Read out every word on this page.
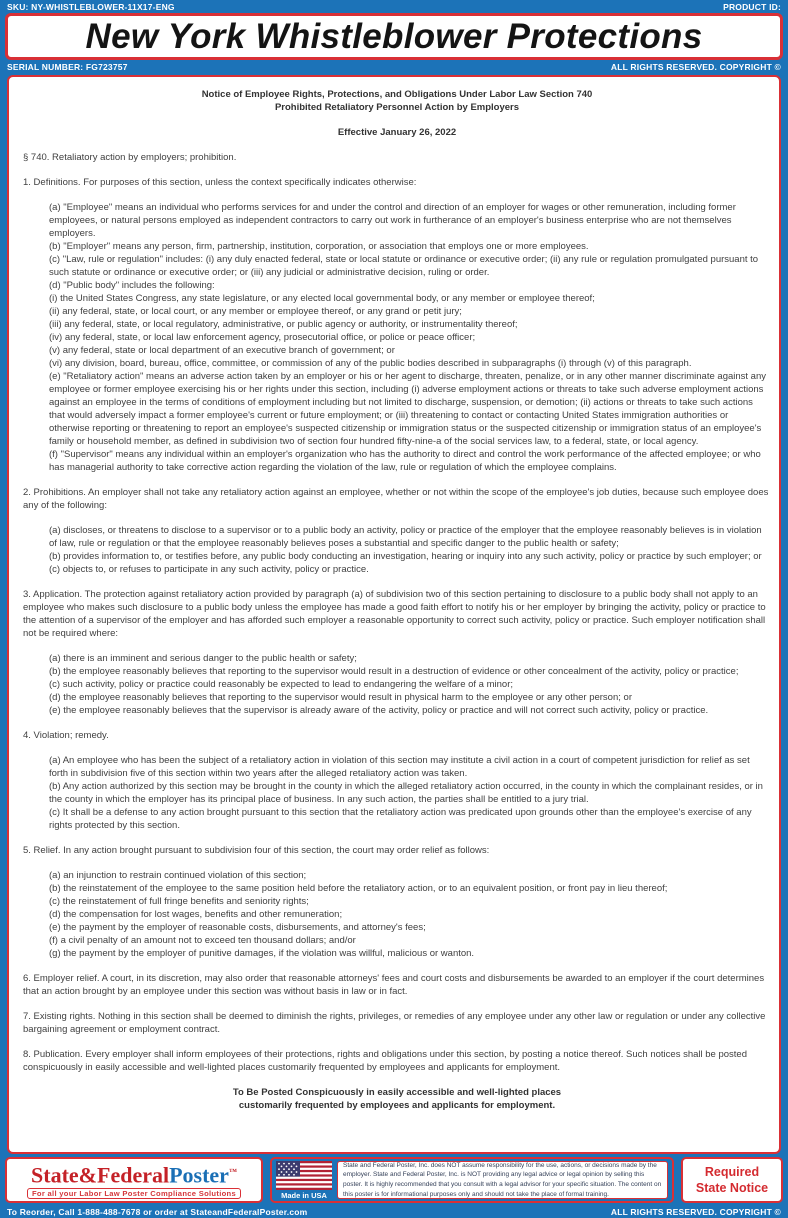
SKU: NY-WHISTLEBLOWER-11X17-ENG	PRODUCT ID:
New York Whistleblower Protections
SERIAL NUMBER: FG723757	ALL RIGHTS RESERVED. COPYRIGHT ©
Notice of Employee Rights, Protections, and Obligations Under Labor Law Section 740
Prohibited Retaliatory Personnel Action by Employers
Effective January 26, 2022
§ 740. Retaliatory action by employers; prohibition.
1. Definitions. For purposes of this section, unless the context specifically indicates otherwise:
(a) "Employee" means an individual who performs services for and under the control and direction of an employer for wages or other remuneration, including former employees, or natural persons employed as independent contractors to carry out work in furtherance of an employer's business enterprise who are not themselves employers.
(b) "Employer" means any person, firm, partnership, institution, corporation, or association that employs one or more employees.
(c) "Law, rule or regulation" includes: (i) any duly enacted federal, state or local statute or ordinance or executive order; (ii) any rule or regulation promulgated pursuant to such statute or ordinance or executive order; or (iii) any judicial or administrative decision, ruling or order.
(d) "Public body" includes the following:
(i) the United States Congress, any state legislature, or any elected local governmental body, or any member or employee thereof;
(ii) any federal, state, or local court, or any member or employee thereof, or any grand or petit jury;
(iii) any federal, state, or local regulatory, administrative, or public agency or authority, or instrumentality thereof;
(iv) any federal, state, or local law enforcement agency, prosecutorial office, or police or peace officer;
(v) any federal, state or local department of an executive branch of government; or
(vi) any division, board, bureau, office, committee, or commission of any of the public bodies described in subparagraphs (i) through (v) of this paragraph.
(e) "Retaliatory action" means an adverse action taken by an employer or his or her agent to discharge, threaten, penalize, or in any other manner discriminate against any employee or former employee exercising his or her rights under this section, including (i) adverse employment actions or threats to take such adverse employment actions against an employee in the terms of conditions of employment including but not limited to discharge, suspension, or demotion; (ii) actions or threats to take such actions that would adversely impact a former employee's current or future employment; or (iii) threatening to contact or contacting United States immigration authorities or otherwise reporting or threatening to report an employee's suspected citizenship or immigration status or the suspected citizenship or immigration status of an employee's family or household member, as defined in subdivision two of section four hundred fifty-nine-a of the social services law, to a federal, state, or local agency.
(f) "Supervisor" means any individual within an employer's organization who has the authority to direct and control the work performance of the affected employee; or who has managerial authority to take corrective action regarding the violation of the law, rule or regulation of which the employee complains.
2. Prohibitions. An employer shall not take any retaliatory action against an employee, whether or not within the scope of the employee's job duties, because such employee does any of the following:
(a) discloses, or threatens to disclose to a supervisor or to a public body an activity, policy or practice of the employer that the employee reasonably believes is in violation of law, rule or regulation or that the employee reasonably believes poses a substantial and specific danger to the public health or safety;
(b) provides information to, or testifies before, any public body conducting an investigation, hearing or inquiry into any such activity, policy or practice by such employer; or
(c) objects to, or refuses to participate in any such activity, policy or practice.
3. Application. The protection against retaliatory action provided by paragraph (a) of subdivision two of this section pertaining to disclosure to a public body shall not apply to an employee who makes such disclosure to a public body unless the employee has made a good faith effort to notify his or her employer by bringing the activity, policy or practice to the attention of a supervisor of the employer and has afforded such employer a reasonable opportunity to correct such activity, policy or practice. Such employer notification shall not be required where:
(a) there is an imminent and serious danger to the public health or safety;
(b) the employee reasonably believes that reporting to the supervisor would result in a destruction of evidence or other concealment of the activity, policy or practice;
(c) such activity, policy or practice could reasonably be expected to lead to endangering the welfare of a minor;
(d) the employee reasonably believes that reporting to the supervisor would result in physical harm to the employee or any other person; or
(e) the employee reasonably believes that the supervisor is already aware of the activity, policy or practice and will not correct such activity, policy or practice.
4. Violation; remedy.
(a) An employee who has been the subject of a retaliatory action in violation of this section may institute a civil action in a court of competent jurisdiction for relief as set forth in subdivision five of this section within two years after the alleged retaliatory action was taken.
(b) Any action authorized by this section may be brought in the county in which the alleged retaliatory action occurred, in the county in which the complainant resides, or in the county in which the employer has its principal place of business. In any such action, the parties shall be entitled to a jury trial.
(c) It shall be a defense to any action brought pursuant to this section that the retaliatory action was predicated upon grounds other than the employee's exercise of any rights protected by this section.
5. Relief. In any action brought pursuant to subdivision four of this section, the court may order relief as follows:
(a) an injunction to restrain continued violation of this section;
(b) the reinstatement of the employee to the same position held before the retaliatory action, or to an equivalent position, or front pay in lieu thereof;
(c) the reinstatement of full fringe benefits and seniority rights;
(d) the compensation for lost wages, benefits and other remuneration;
(e) the payment by the employer of reasonable costs, disbursements, and attorney's fees;
(f) a civil penalty of an amount not to exceed ten thousand dollars; and/or
(g) the payment by the employer of punitive damages, if the violation was willful, malicious or wanton.
6. Employer relief. A court, in its discretion, may also order that reasonable attorneys' fees and court costs and disbursements be awarded to an employer if the court determines that an action brought by an employee under this section was without basis in law or in fact.
7. Existing rights. Nothing in this section shall be deemed to diminish the rights, privileges, or remedies of any employee under any other law or regulation or under any collective bargaining agreement or employment contract.
8. Publication. Every employer shall inform employees of their protections, rights and obligations under this section, by posting a notice thereof. Such notices shall be posted conspicuously in easily accessible and well-lighted places customarily frequented by employees and applicants for employment.
To Be Posted Conspicuously in easily accessible and well-lighted places
customarily frequented by employees and applicants for employment.
State&FederalPoster™
For all your Labor Law Poster Compliance Solutions	Made in USA
State and Federal Poster, Inc. does NOT assume responsibility for the use, actions, or decisions made by the employer. State and Federal Poster, Inc. is NOT providing any legal advice or legal opinion by selling this poster. It is highly recommended that you consult with a legal advisor for your specific situation. The content on this poster is for informational purposes only and should not take the place of formal training.
Required State Notice
To Reorder, Call 1-888-488-7678 or order at StateandFederalPoster.com	ALL RIGHTS RESERVED. COPYRIGHT ©
